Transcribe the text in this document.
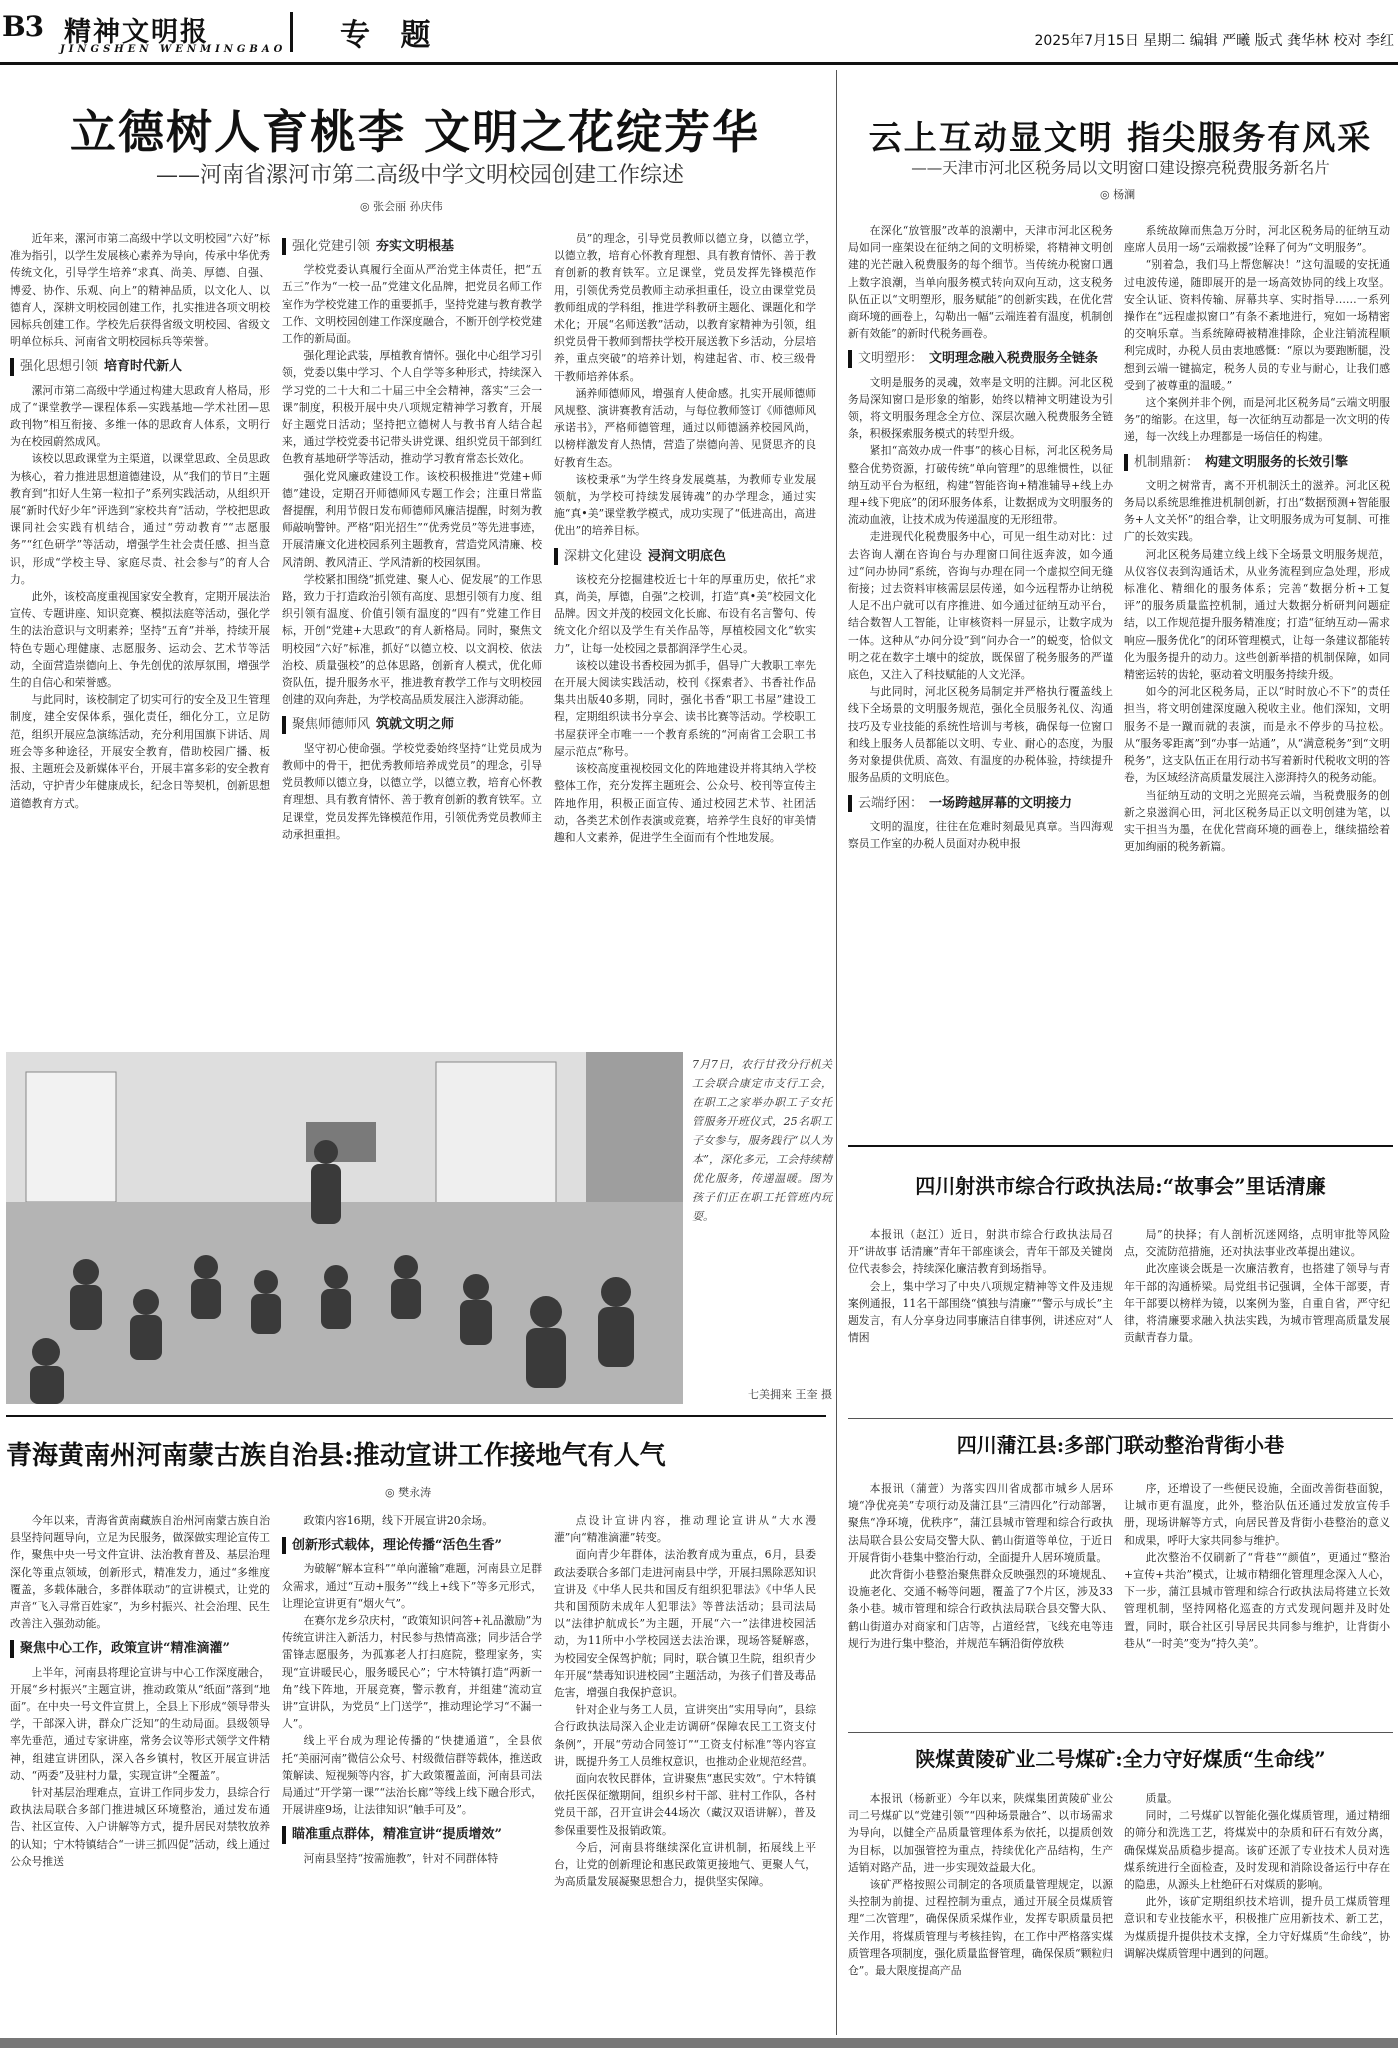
B3 精神文明报
JINGSHEN WENMINGBAO 专 题	2025年7月15日 星期二 编辑 严曦 版式 龚华林 校对 李红
立德树人育桃李 文明之花绽芳华
——河南省漯河市第二高级中学文明校园创建工作综述
◎ 张会丽 孙庆伟

近年来，漯河市第二高级中学以文明校园“六好”标准为指引，以学生发展核心素养为导向，传承中华优秀传统文化，引导学生培养“求真、尚美、厚德、自强、博爱、协作、乐观、向上”的精神品质，以文化人、以德育人，深耕文明校园创建工作，扎实推进各项文明校园标兵创建工作。学校先后获得省级文明校园、省级文明单位标兵、河南省文明校园标兵等荣誉。

强化思想引领 培育时代新人

漯河市第二高级中学通过构建大思政育人格局，形成了“课堂教学—课程体系—实践基地—学术社团—思政刊物”相互衔接、多维一体的思政育人体系，文明行为在校园蔚然成风。

该校以思政课堂为主渠道，以课堂思政、全员思政为核心，着力推进思想道德建设，从“我们的节日”主题教育到“扣好人生第一粒扣子”系列实践活动，从组织开展“新时代好少年”评选到“家校共育”活动，学校把思政课同社会实践有机结合，通过“劳动教育”“志愿服务”“红色研学”等活动，增强学生社会责任感、担当意识，形成“学校主导、家庭尽责、社会参与”的育人合力。

此外，该校高度重视国家安全教育，定期开展法治宣传、专题讲座、知识竞赛、模拟法庭等活动，强化学生的法治意识与文明素养；坚持“五育”并举，持续开展特色专题心理健康、志愿服务、运动会、艺术节等活动，全面营造崇德向上、争先创优的浓厚氛围，增强学生的自信心和荣誉感。

与此同时，该校制定了切实可行的安全及卫生管理制度，建全安保体系，强化责任，细化分工，立足防范，组织开展应急演练活动，充分利用国旗下讲话、周班会等多种途径，开展安全教育，借助校园广播、板报、主题班会及新媒体平台，开展丰富多彩的安全教育活动，守护青少年健康成长，纪念日等契机，创新思想道德教育方式。

强化党建引领 夯实文明根基

学校党委认真履行全面从严治党主体责任，把“五五三”作为“一校一品”党建文化品牌，把党员名师工作室作为学校党建工作的重要抓手，坚持党建与教育教学工作、文明校园创建工作深度融合，不断开创学校党建工作的新局面。

强化理论武装，厚植教育情怀。强化中心组学习引领，党委以集中学习、个人自学等多种形式，持续深入学习党的二十大和二十届三中全会精神，落实“三会一课”制度，积极开展中央八项规定精神学习教育，开展好主题党日活动；坚持把立德树人与教书育人结合起来，通过学校党委书记带头讲党课、组织党员干部到红色教育基地研学等活动，推动学习教育常态长效化。

强化党风廉政建设工作。该校积极推进“党建+师德”建设，定期召开师德师风专题工作会；注重日常监督提醒，利用节假日发布师德师风廉洁提醒，时刻为教师敲响警钟。严格“阳光招生”“优秀党员”等先进事迹，开展清廉文化进校园系列主题教育，营造党风清廉、校风清朗、教风清正、学风清新的校园氛围。

学校紧扣围绕“抓党建、聚人心、促发展”的工作思路，致力于打造政治引领有高度、思想引领有力度、组织引领有温度、价值引领有温度的“四有”党建工作目标，开创“党建+大思政”的育人新格局。同时，聚焦文明校园“六好”标准，抓好“以德立校、以文润校、依法治校、质量强校”的总体思路，创新育人模式，优化师资队伍，提升服务水平，推进教育教学工作与文明校园创建的双向奔赴，为学校高品质发展注入澎湃动能。

聚焦师德师风 筑就文明之师

坚守初心使命强。学校党委始终坚持“让党员成为教师中的骨干，把优秀教师培养成党员”的理念，引导党员教师以德立身，以德立学，以德立教，培育心怀教育理想、具有教育情怀、善于教育创新的教育铁军。立足课堂，党员发挥先锋模范作用，引领优秀党员教师主动承担重担。

员”的理念，引导党员教师以德立身，以德立学，以德立教，培育心怀教育理想、具有教育情怀、善于教育创新的教育铁军。立足课堂，党员发挥先锋模范作用，引领优秀党员教师主动承担重任，设立由课堂党员教师组成的学科组，推进学科教研主题化、课题化和学术化；开展“名师送教”活动，以教育家精神为引领，组织党员骨干教师到帮扶学校开展送教下乡活动，分层培养，重点突破”的培养计划，构建起省、市、校三级骨干教师培养体系。

涵养师德师风，增强育人使命感。扎实开展师德师风规整、演讲赛教育活动，与每位教师签订《师德师风承诺书》，严格师德管理，通过以师德涵养校园风尚，以榜样激发育人热情，营造了崇德向善、见贤思齐的良好教育生态。

该校秉承“为学生终身发展奠基，为教师专业发展领航，为学校可持续发展铸魂”的办学理念，通过实施“真•美”课堂教学模式，成功实现了“低进高出，高进优出”的培养目标。

深耕文化建设 浸润文明底色

该校充分挖掘建校近七十年的厚重历史，依托“求真，尚美，厚德，自强”之校训，打造“真•美”校园文化品牌。因文并茂的校园文化长廊、布设有名言警句、传统文化介绍以及学生有关作品等，厚植校园文化“软实力”，让每一处校园之景都润泽学生心灵。

该校以建设书香校园为抓手，倡导广大教职工率先在开展大阅读实践活动，校刊《探索者》、书香社作品集共出版40多期，同时，强化书香“职工书屋”建设工程，定期组织读书分享会、读书比赛等活动。学校职工书屋获评全市唯一一个教育系统的“河南省工会职工书屋示范点”称号。

该校高度重视校园文化的阵地建设并将其纳入学校整体工作，充分发挥主题班会、公众号、校刊等宣传主阵地作用，积极正面宣传、通过校园艺术节、社团活动，各类艺术创作表演或竞赛，培养学生良好的审美情趣和人文素养，促进学生全面而有个性地发展。

云上互动显文明 指尖服务有风采
——天津市河北区税务局以文明窗口建设擦亮税费服务新名片
◎ 杨澜

在深化“放管服”改革的浪潮中，天津市河北区税务局如同一座架设在征纳之间的文明桥梁，将精神文明创建的光芒融入税费服务的每个细节。当传统办税窗口遇上数字浪潮，当单向服务模式转向双向互动，这支税务队伍正以“文明塑形，服务赋能”的创新实践，在优化营商环境的画卷上，勾勒出一幅“云端连着有温度，机制创新有效能”的新时代税务画卷。

文明塑形： 文明理念融入税费服务全链条

文明是服务的灵魂，效率是文明的注脚。河北区税务局深知窗口是形象的缩影，始终以精神文明建设为引领，将文明服务理念全方位、深层次融入税费服务全链条，积极探索服务模式的转型升级。

紧扣“高效办成一件事”的核心目标，河北区税务局整合优势资源，打破传统“单向管理”的思维惯性，以征纳互动平台为枢纽，构建“智能咨询+精准辅导+线上办理+线下兜底”的闭环服务体系，让数据成为文明服务的流动血液，让技术成为传递温度的无形纽带。

走进现代化税费服务中心，可见一组生动对比：过去咨询人潮在咨询台与办理窗口间往返奔波，如今通过“问办协同”系统，咨询与办理在同一个虚拟空间无缝衔接；过去资料审核需层层传递，如今远程帮办让纳税人足不出户就可以有序推进、如今通过征纳互动平台，结合数智人工智能，让审核资料一屏显示，让数字成为一体。这种从“办问分设”到“问办合一”的蜕变，恰似文明之花在数字土壤中的绽放，既保留了税务服务的严谨底色，又注入了科技赋能的人文光泽。

与此同时，河北区税务局制定并严格执行覆盖线上线下全场景的文明服务规范，强化全员服务礼仪、沟通技巧及专业技能的系统性培训与考核，确保每一位窗口和线上服务人员都能以文明、专业、耐心的态度，为服务对象提供优质、高效、有温度的办税体验，持续提升服务品质的文明底色。

云端纾困： 一场跨越屏幕的文明接力

文明的温度，往往在危难时刻最见真章。当四海观察员工作室的办税人员面对办税申报

系统故障而焦急万分时，河北区税务局的征纳互动座席人员用一场“云端救援”诠释了何为“文明服务”。

“别着急，我们马上帮您解决！”这句温暖的安抚通过电波传递，随即展开的是一场高效协同的线上攻坚。安全认证、资料传输、屏幕共享、实时指导……一系列操作在“远程虚拟窗口”有条不紊地进行，宛如一场精密的交响乐章。当系统障碍被精准排除，企业注销流程顺利完成时，办税人员由衷地感慨：“原以为要跑断腿，没想到云端一键搞定，税务人员的专业与耐心，让我们感受到了被尊重的温暖。”

这个案例并非个例，而是河北区税务局“云端文明服务”的缩影。在这里，每一次征纳互动都是一次文明的传递，每一次线上办理都是一场信任的构建。

机制鼎新： 构建文明服务的长效引擎

文明之树常青，离不开机制沃土的滋养。河北区税务局以系统思维推进机制创新，打出“数据预测+智能服务+人文关怀”的组合拳，让文明服务成为可复制、可推广的长效实践。

河北区税务局建立线上线下全场景文明服务规范，从仪容仪表到沟通话术，从业务流程到应急处理，形成标准化、精细化的服务体系；完善“数据分析+工复评”的服务质量监控机制，通过大数据分析研判问题症结，以工作规范提升服务精准度；打造“征纳互动—需求响应—服务优化”的闭环管理模式，让每一条建议都能转化为服务提升的动力。这些创新举措的机制保障，如同精密运转的齿轮，驱动着文明服务持续升级。

如今的河北区税务局，正以“时时放心不下”的责任担当，将文明创建深度融入税收主业。他们深知，文明服务不是一蹴而就的表演，而是永不停步的马拉松。从“服务零距离”到“办事一站通”，从“满意税务”到“文明税务”，这支队伍正在用行动书写着新时代税收文明的答卷，为区域经济高质量发展注入澎湃持久的税务动能。

当征纳互动的文明之光照亮云端，当税费服务的创新之泉滋润心田，河北区税务局正以文明创建为笔，以实干担当为墨，在优化营商环境的画卷上，继续描绘着更加绚丽的税务新篇。

7月7日，农行甘孜分行机关工会联合康定市支行工会，在职工之家举办职工子女托管服务开班仪式，25名职工子女参与，服务践行“以人为本”，深化多元，工会持续精优化服务，传递温暖。图为孩子们正在职工托管班内玩耍。
七美拥来 王奎 摄
四川射洪市综合行政执法局:“故事会”里话清廉

本报讯（赵江）近日，射洪市综合行政执法局召开“讲故事 话清廉”青年干部座谈会，青年干部及关键岗位代表参会，持续深化廉洁教育到场指导。

会上，集中学习了中央八项规定精神等文件及违规案例通报，11名干部围绕“慎独与清廉”“警示与成长”主题发言，有人分享身边同事廉洁自律事例，讲述应对“人情困

局”的抉择；有人剖析沉迷网络，点明审批等风险点，交流防范措施，还对执法事业改革提出建议。

此次座谈会既是一次廉洁教育，也搭建了领导与青年干部的沟通桥梁。局党组书记强调，全体干部要，青年干部要以榜样为镜，以案例为鉴，自重自省，严守纪律，将清廉要求融入执法实践，为城市管理高质量发展贡献青春力量。

四川蒲江县:多部门联动整治背街小巷

本报讯（蒲萱）为落实四川省成都市城乡人居环境“净优亮美”专项行动及蒲江县“三清四化”行动部署，聚焦“净环境，优秩序”，蒲江县城市管理和综合行政执法局联合县公安局交警大队、鹤山街道等单位，于近日开展背街小巷集中整治行动，全面提升人居环境质量。

此次背街小巷整治聚焦群众反映强烈的环境规乱、设施老化、交通不畅等问题，覆盖了7个片区，涉及33条小巷。城市管理和综合行政执法局联合县交警大队、鹤山街道办对商家和门店等，占道经营，飞线充电等违规行为进行集中整治，并规范车辆沿街停放秩

序，还增设了一些便民设施，全面改善街巷面貌，让城市更有温度，此外，整治队伍还通过发放宣传手册，现场讲解等方式，向居民普及背街小巷整治的意义和成果，呼吁大家共同参与维护。

此次整治不仅刷新了“背巷”“颜值”，更通过“整治+宣传+共治”模式，让城市精细化管理理念深入人心，下一步，蒲江县城市管理和综合行政执法局将建立长效管理机制，坚持网格化巡查的方式发现问题并及时处置，同时，联合社区引导居民共同参与维护，让背街小巷从“一时美”变为“持久美”。

陕煤黄陵矿业二号煤矿:全力守好煤质“生命线”

本报讯（杨新亚）今年以来，陕煤集团黄陵矿业公司二号煤矿以“党建引领”“四种场景融合”、以市场需求为导向，以健全产品质量管理体系为依托，以提质创效为目标，以加强管控为重点，持续优化产品结构，生产适销对路产品，进一步实现效益最大化。

该矿严格按照公司制定的各项质量管理规定，以源头控制为前提、过程控制为重点，通过开展全员煤质管理“二次管理”，确保保质采煤作业，发挥专职质量员把关作用，将煤质管理与考核挂钩，在工作中严格落实煤质管理各项制度，强化质量监督管理，确保保质“颗粒归仓”。最大限度提高产品

质量。

同时，二号煤矿以智能化强化煤质管理，通过精细的筛分和洗选工艺，将煤炭中的杂质和矸石有效分离，确保煤炭品质稳步提高。该矿还派了专业技术人员对选煤系统进行全面检查，及时发现和消除设备运行中存在的隐患，从源头上杜绝矸石对煤质的影响。

此外，该矿定期组织技术培训，提升员工煤质管理意识和专业技能水平，积极推广应用新技术、新工艺，为煤质提升提供技术支撑，全力守好煤质“生命线”，协调解决煤质管理中遇到的问题。

青海黄南州河南蒙古族自治县:推动宣讲工作接地气有人气
◎ 樊永涛

今年以来，青海省黄南藏族自治州河南蒙古族自治县坚持问题导向，立足为民服务，做深做实理论宣传工作，聚焦中央一号文件宣讲、法治教育普及、基层治理深化等重点领域，创新形式，精准发力，通过“多维度覆盖，多载体融合，多群体联动”的宣讲模式，让党的声音“飞入寻常百姓家”，为乡村振兴、社会治理、民生改善注入强劲动能。

聚焦中心工作，政策宣讲“精准滴灌”

上半年，河南县将理论宣讲与中心工作深度融合，开展“乡村振兴”主题宣讲，推动政策从“纸面”落到“地面”。在中央一号文件宣贯上，全县上下形成“领导带头学，干部深入讲，群众广泛知”的生动局面。县级领导率先垂范，通过专家讲座，常务会议等形式领学文件精神，组建宣讲团队，深入各乡镇村，牧区开展宣讲活动、“两委”及驻村力量，实现宣讲“全覆盖”。

针对基层治理难点，宣讲工作同步发力，县综合行政执法局联合多部门推进城区环境整治，通过发布通告、社区宣传、入户讲解等方式，提升居民对禁牧放养的认知；宁木特镇结合“一讲三抓四促”活动，线上通过公众号推送

政策内容16期，线下开展宣讲20余场。

创新形式载体，理论传播“活色生香”

为破解“解本宣科”“单向灌输”难题，河南县立足群众需求，通过“互动+服务”“线上+线下”等多元形式，让理论宣讲更有“烟火气”。

在赛尔龙乡尕庆村，“政策知识问答+礼品激励”为传统宣讲注入新活力，村民参与热情高涨；同步活合学雷锋志愿服务，为孤寡老人打扫庭院，整理家务，实现“宣讲暖民心，服务暖民心”；宁木特镇打造“两新一角”线下阵地，开展竞赛，警示教育，并组建“流动宣讲”宣讲队，为党员“上门送学”，推动理论学习“不漏一人”。

线上平台成为理论传播的“快捷通道”，全县依托“美丽河南”微信公众号、村级微信群等载体，推送政策解读、短视频等内容，扩大政策覆盖面，河南县司法局通过“开学第一课”“法治长廊”等线上线下融合形式，开展讲座9场，让法律知识“触手可及”。

瞄准重点群体，精准宣讲“提质增效”

河南县坚持“按需施教”，针对不同群体特

点设计宣讲内容，推动理论宣讲从“大水漫灌”向“精准滴灌”转变。

面向青少年群体，法治教育成为重点，6月，县委政法委联合多部门走进河南县中学，开展扫黑除恶知识宣讲及《中华人民共和国反有组织犯罪法》《中华人民共和国预防未成年人犯罪法》等普法活动；县司法局以“法律护航成长”为主题，开展“六一”法律进校园活动，为11所中小学校园送去法治课，现场答疑解惑，为校园安全保驾护航；同时，联合镇卫生院，组织青少年开展“禁毒知识进校园”主题活动，为孩子们普及毒品危害，增强自我保护意识。

针对企业与务工人员，宣讲突出“实用导向”，县综合行政执法局深入企业走访调研“保障农民工工资支付条例”，开展“劳动合同签订”“工资支付标准”等内容宣讲，既提升务工人员维权意识，也推动企业规范经营。

面向农牧民群体，宣讲聚焦“惠民实效”。宁木特镇依托医保征缴期间，组织乡村干部、驻村工作队，各村党员干部，召开宣讲会44场次（藏汉双语讲解），普及参保重要性及报销政策。

今后，河南县将继续深化宣讲机制，拓展线上平台，让党的创新理论和惠民政策更接地气、更聚人气，为高质量发展凝聚思想合力，提供坚实保障。
